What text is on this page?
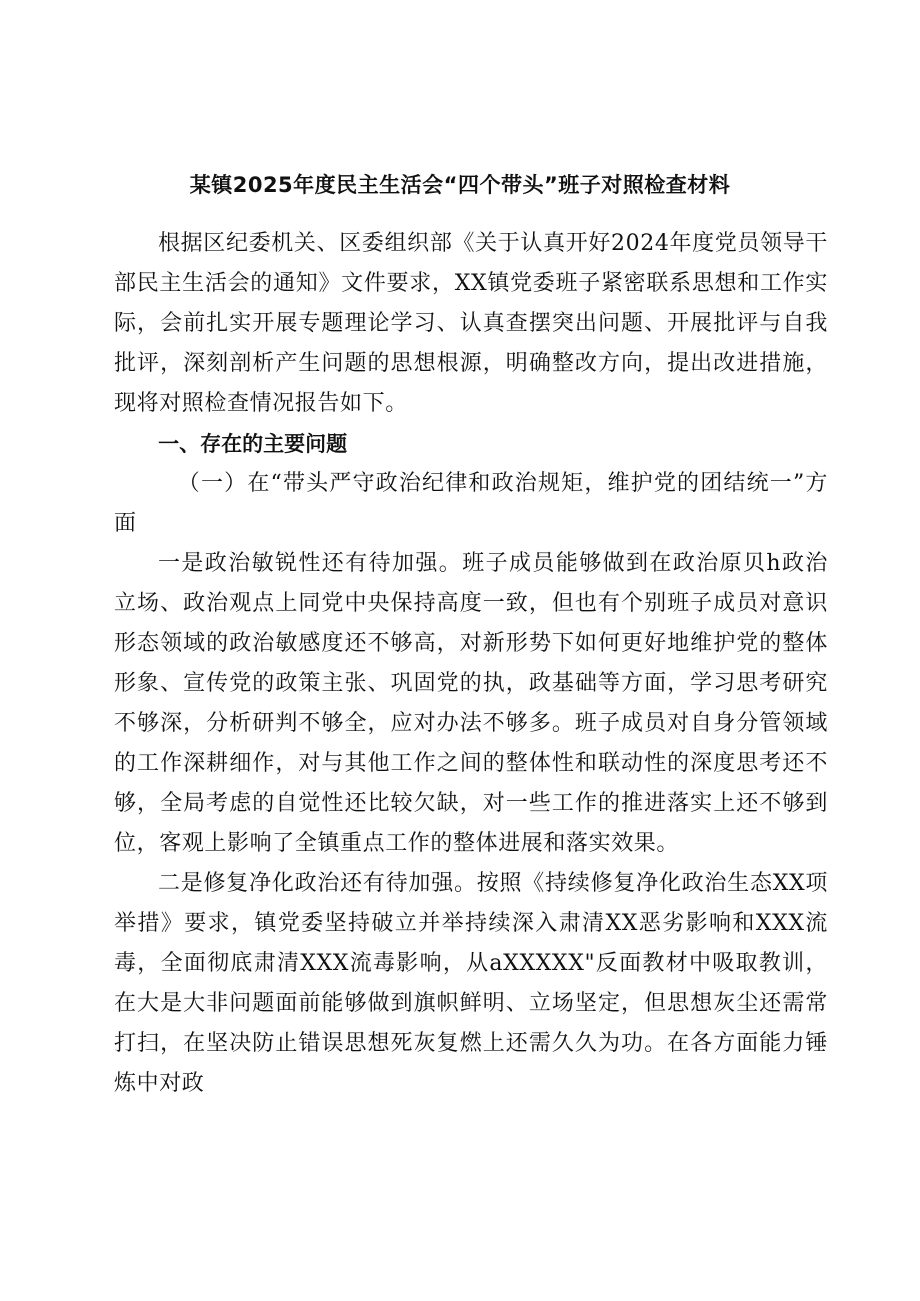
某镇2025年度民主生活会“四个带头”班子对照检查材料

根据区纪委机关、区委组织部《关于认真开好2024年度党员领导干部民主生活会的通知》文件要求，XX镇党委班子紧密联系思想和工作实际，会前扎实开展专题理论学习、认真查摆突出问题、开展批评与自我批评，深刻剖析产生问题的思想根源，明确整改方向，提出改进措施，现将对照检查情况报告如下。

一、存在的主要问题

（一）在“带头严守政治纪律和政治规矩，维护党的团结统一”方面

一是政治敏锐性还有待加强。班子成员能够做到在政治原贝h政治立场、政治观点上同党中央保持高度一致，但也有个别班子成员对意识形态领域的政治敏感度还不够高，对新形势下如何更好地维护党的整体形象、宣传党的政策主张、巩固党的执，政基础等方面，学习思考研究不够深，分析研判不够全，应对办法不够多。班子成员对自身分管领域的工作深耕细作，对与其他工作之间的整体性和联动性的深度思考还不够，全局考虑的自觉性还比较欠缺，对一些工作的推进落实上还不够到位，客观上影响了全镇重点工作的整体进展和落实效果。

二是修复净化政治还有待加强。按照《持续修复净化政治生态XX项举措》要求，镇党委坚持破立并举持续深入肃清XX恶劣影响和XXX流毒，全面彻底肃清XXX流毒影响，从aXXXXX"反面教材中吸取教训，在大是大非问题面前能够做到旗帜鲜明、立场坚定，但思想灰尘还需常打扫，在坚决防止错误思想死灰复燃上还需久久为功。在各方面能力锤炼中对政
